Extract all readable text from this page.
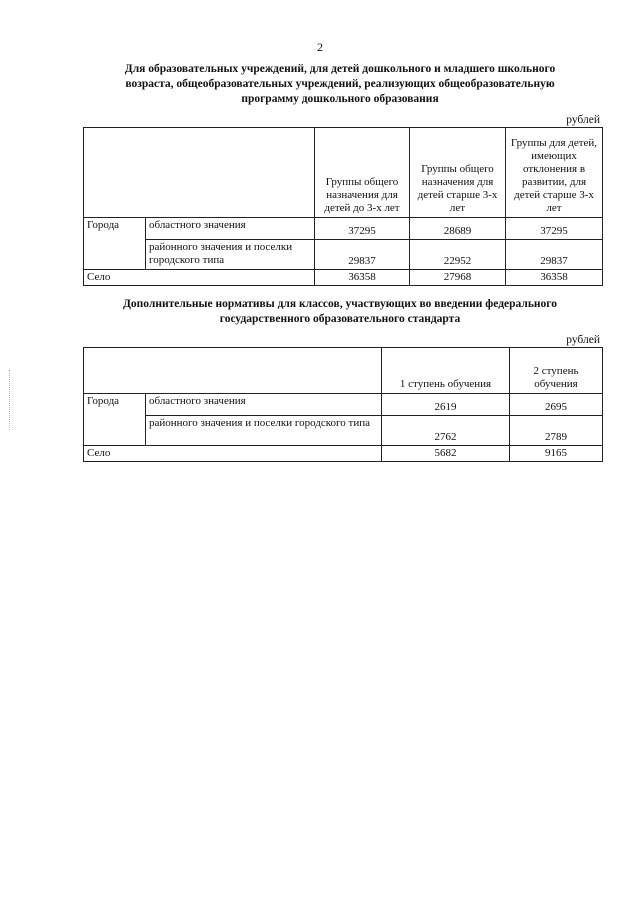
2
Для образовательных учреждений, для детей дошкольного и младшего школьного
возраста, общеобразовательных учреждений, реализующих общеобразовательную
программу дошкольного образования
рублей
		Группы общего назначения для детей до 3-х лет	Группы общего назначения для детей старше 3-х лет	Группы для детей, имеющих отклонения в развитии, для детей старше 3-х лет
Города	областного значения	37295	28689	37295
	районного значения и поселки городского типа	29837	22952	29837
Село		36358	27968	36358
Дополнительные нормативы для классов, участвующих во введении федерального
государственного образовательного стандарта
рублей
		1 ступень обучения	2 ступень обучения
Города	областного значения	2619	2695
	районного значения и поселки городского типа	2762	2789
Село		5682	9165
